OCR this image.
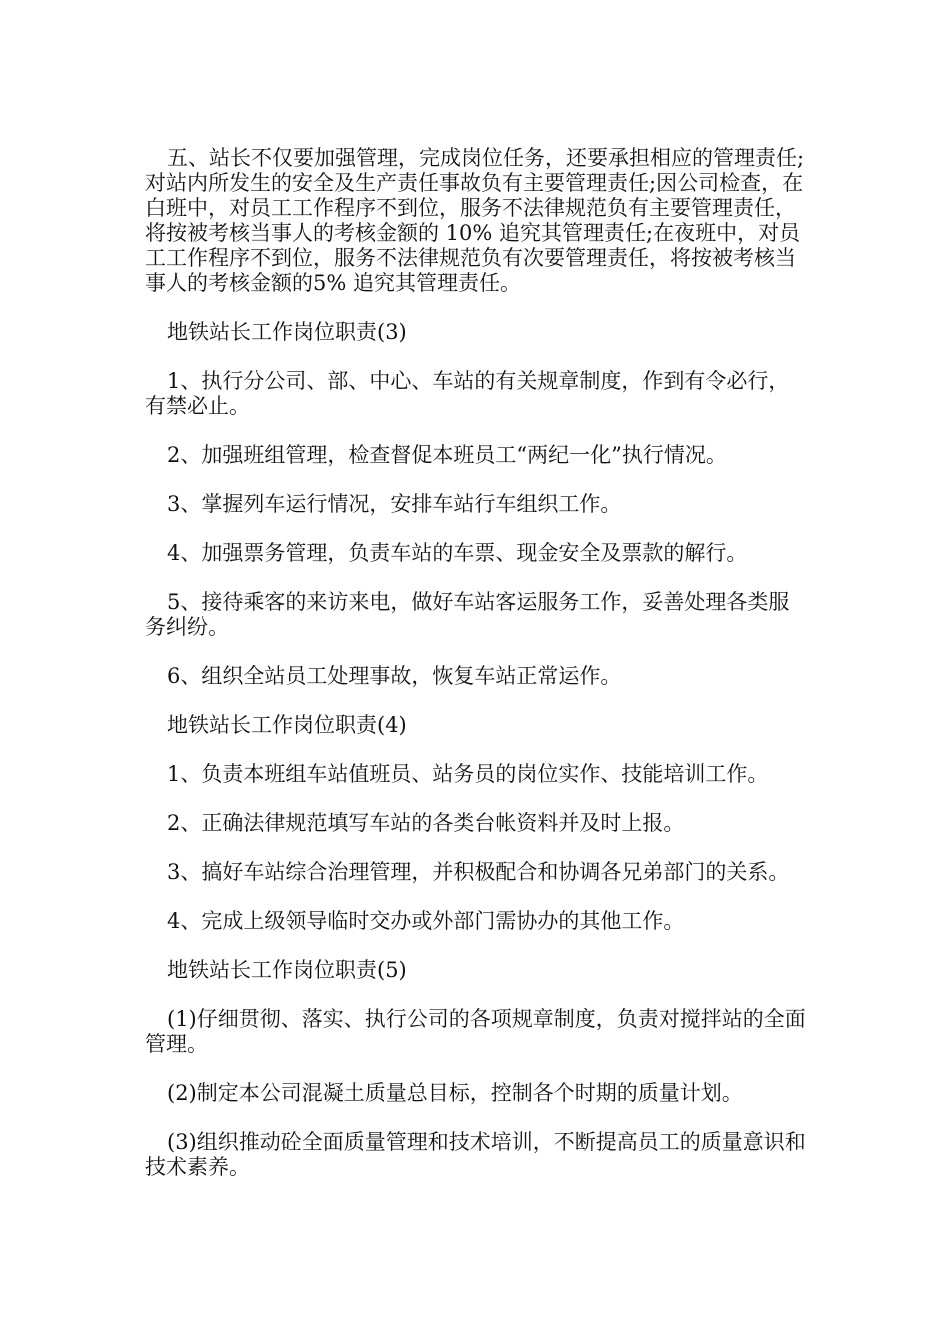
五、站长不仅要加强管理，完成岗位任务，还要承担相应的管理责任;对站内所发生的安全及生产责任事故负有主要管理责任;因公司检查，在白班中，对员工工作程序不到位，服务不法律规范负有主要管理责任，将按被考核当事人的考核金额的 10% 追究其管理责任;在夜班中，对员工工作程序不到位，服务不法律规范负有次要管理责任，将按被考核当事人的考核金额的5% 追究其管理责任。

地铁站长工作岗位职责(3)

1、执行分公司、部、中心、车站的有关规章制度，作到有令必行，有禁必止。

2、加强班组管理，检查督促本班员工“两纪一化”执行情况。

3、掌握列车运行情况，安排车站行车组织工作。

4、加强票务管理，负责车站的车票、现金安全及票款的解行。

5、接待乘客的来访来电，做好车站客运服务工作，妥善处理各类服务纠纷。

6、组织全站员工处理事故，恢复车站正常运作。

地铁站长工作岗位职责(4)

1、负责本班组车站值班员、站务员的岗位实作、技能培训工作。

2、正确法律规范填写车站的各类台帐资料并及时上报。

3、搞好车站综合治理管理，并积极配合和协调各兄弟部门的关系。

4、完成上级领导临时交办或外部门需协办的其他工作。

地铁站长工作岗位职责(5)

(1)仔细贯彻、落实、执行公司的各项规章制度，负责对搅拌站的全面管理。

(2)制定本公司混凝土质量总目标，控制各个时期的质量计划。

(3)组织推动砼全面质量管理和技术培训，不断提高员工的质量意识和技术素养。
